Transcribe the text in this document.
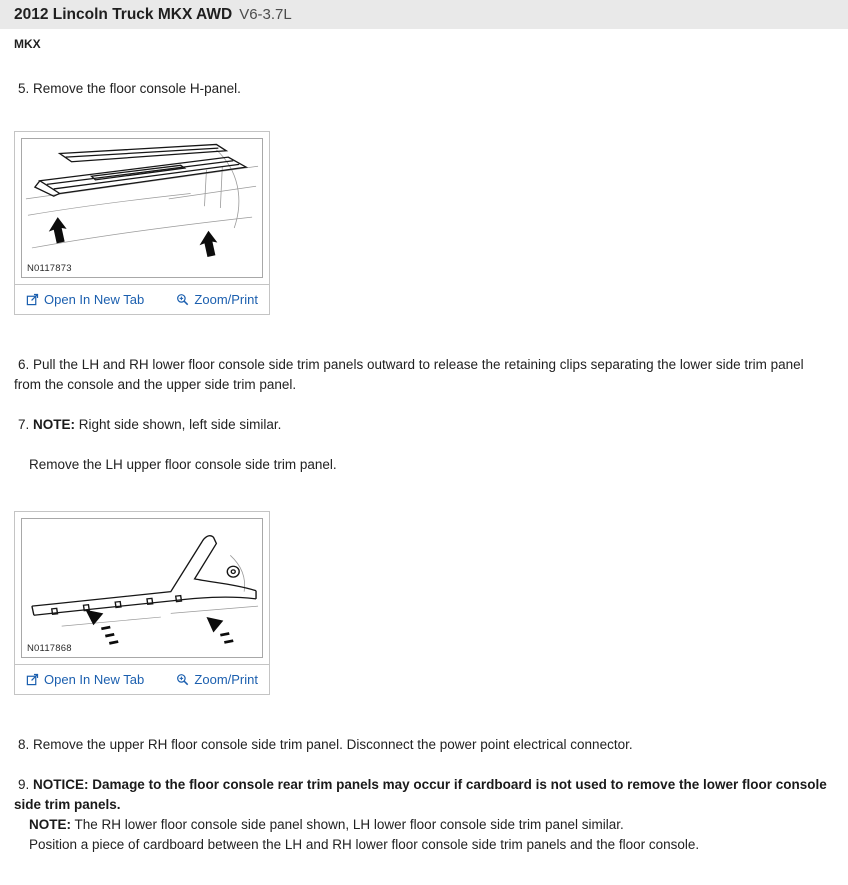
2012 Lincoln Truck MKX AWD V6-3.7L
MKX

5. Remove the floor console H-panel.

N0117873
Open In New Tab	Zoom/Print

6. Pull the LH and RH lower floor console side trim panels outward to release the retaining clips separating the lower side trim panel from the console and the upper side trim panel.

7. NOTE: Right side shown, left side similar.

Remove the LH upper floor console side trim panel.

N0117868
Open In New Tab	Zoom/Print

8. Remove the upper RH floor console side trim panel. Disconnect the power point electrical connector.

9. NOTICE: Damage to the floor console rear trim panels may occur if cardboard is not used to remove the lower floor console side trim panels.

NOTE: The RH lower floor console side panel shown, LH lower floor console side trim panel similar.

Position a piece of cardboard between the LH and RH lower floor console side trim panels and the floor console.
